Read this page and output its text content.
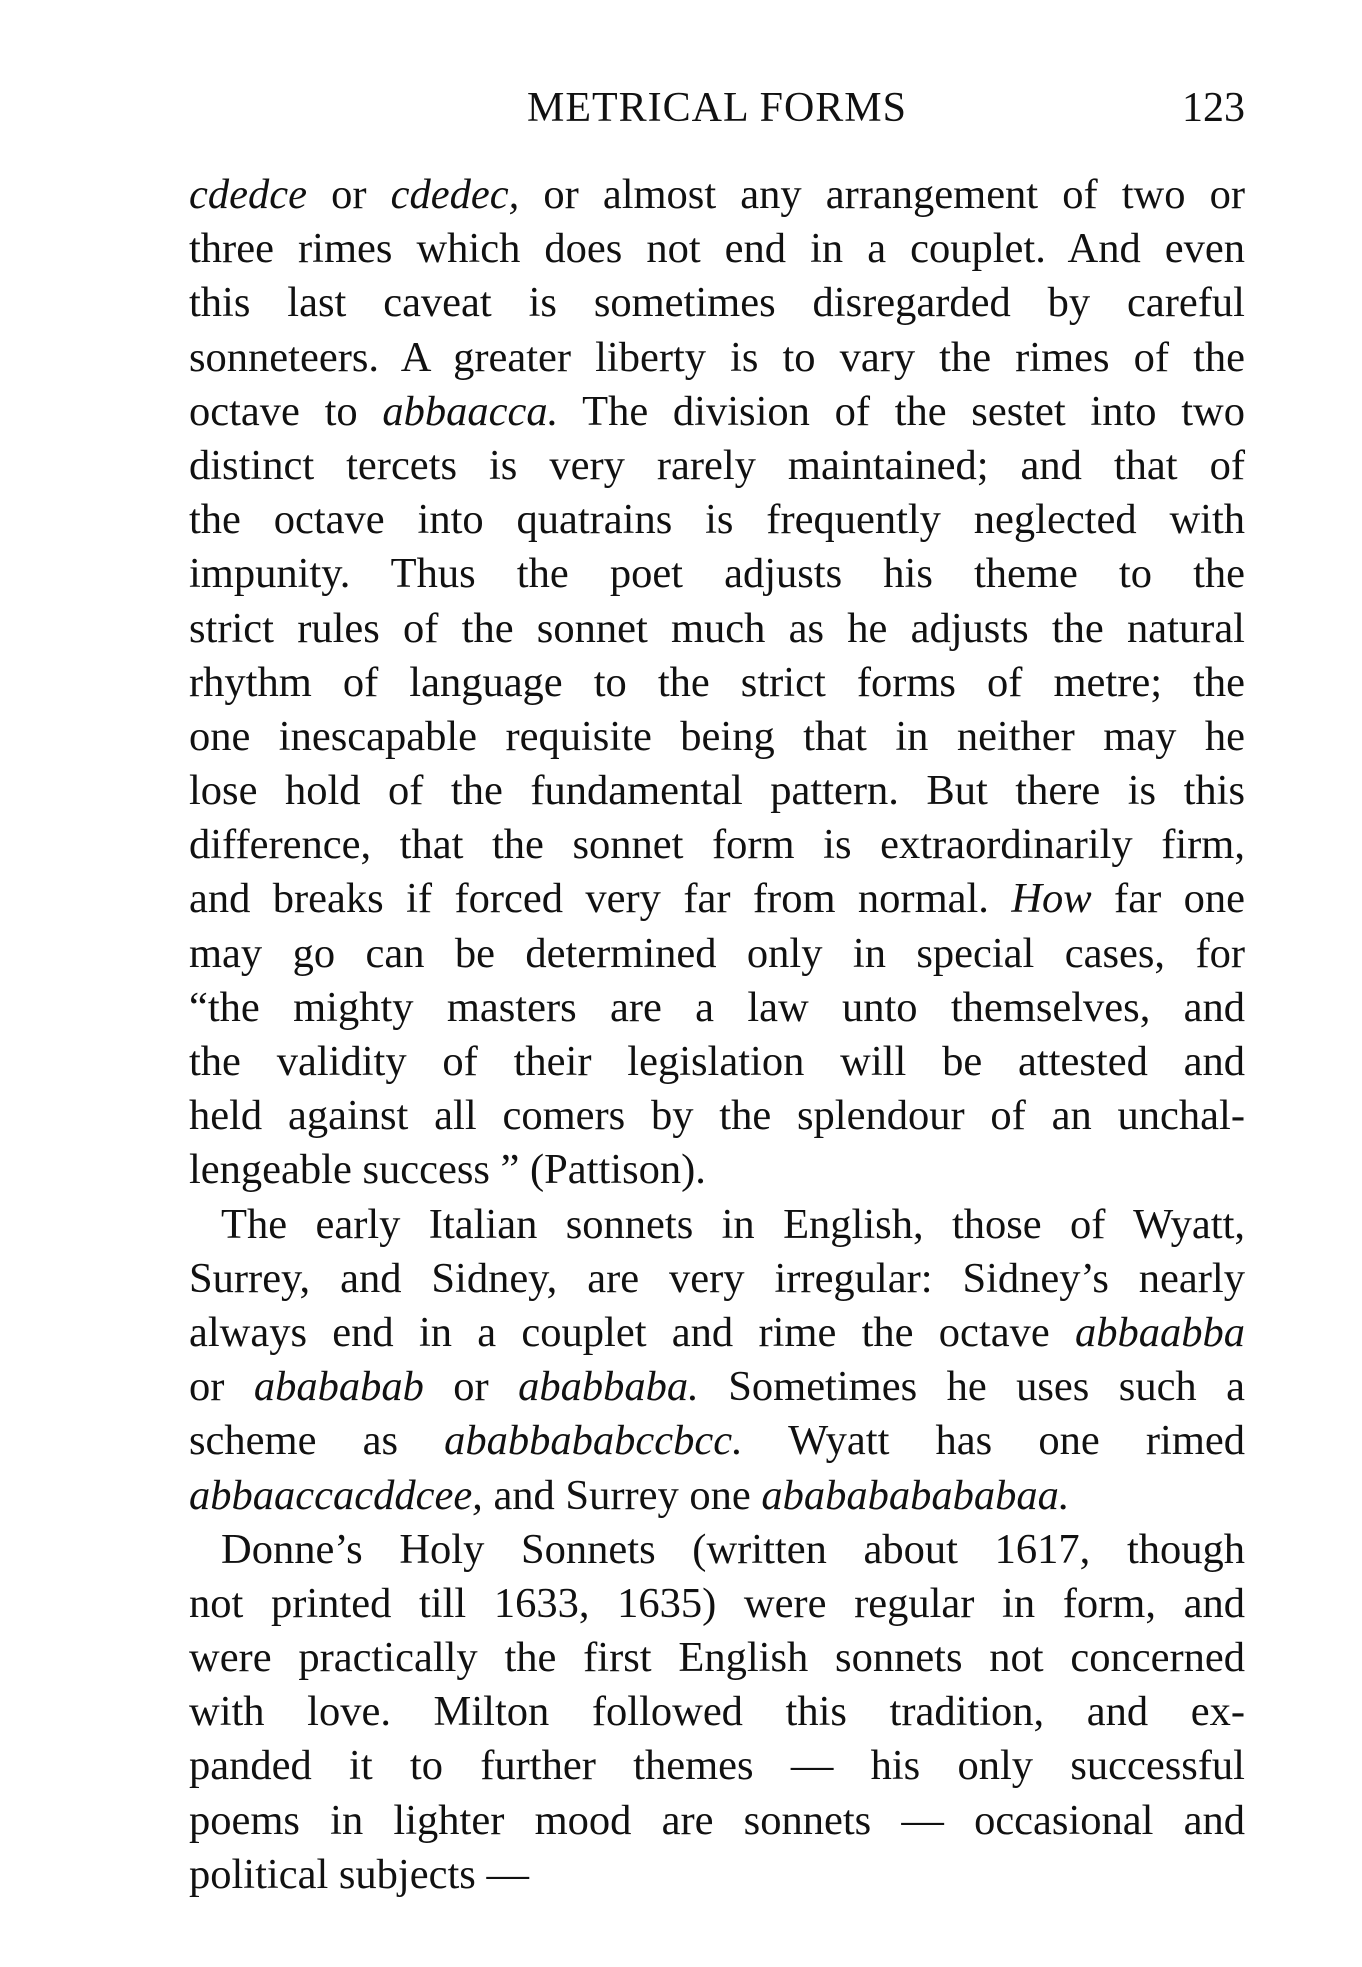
METRICAL FORMS	123
cdedce or cdedec, or almost any arrangement of two or
three rimes which does not end in a couplet. And even
this last caveat is sometimes disregarded by careful
sonneteers. A greater liberty is to vary the rimes of the
octave to abbaacca. The division of the sestet into two
distinct tercets is very rarely maintained; and that of
the octave into quatrains is frequently neglected with
impunity. Thus the poet adjusts his theme to the
strict rules of the sonnet much as he adjusts the natural
rhythm of language to the strict forms of metre; the
one inescapable requisite being that in neither may he
lose hold of the fundamental pattern. But there is this
difference, that the sonnet form is extraordinarily firm,
and breaks if forced very far from normal. How far one
may go can be determined only in special cases, for
“the mighty masters are a law unto themselves, and
the validity of their legislation will be attested and
held against all comers by the splendour of an unchal-
lengeable success ” (Pattison).
The early Italian sonnets in English, those of Wyatt,
Surrey, and Sidney, are very irregular: Sidney’s nearly
always end in a couplet and rime the octave abbaabba
or abababab or ababbaba. Sometimes he uses such a
scheme as ababbababccbcc. Wyatt has one rimed
abbaaccacddcee, and Surrey one ababababababaa.
Donne’s Holy Sonnets (written about 1617, though
not printed till 1633, 1635) were regular in form, and
were practically the first English sonnets not concerned
with love. Milton followed this tradition, and ex-
panded it to further themes — his only successful
poems in lighter mood are sonnets — occasional and
political subjects —
